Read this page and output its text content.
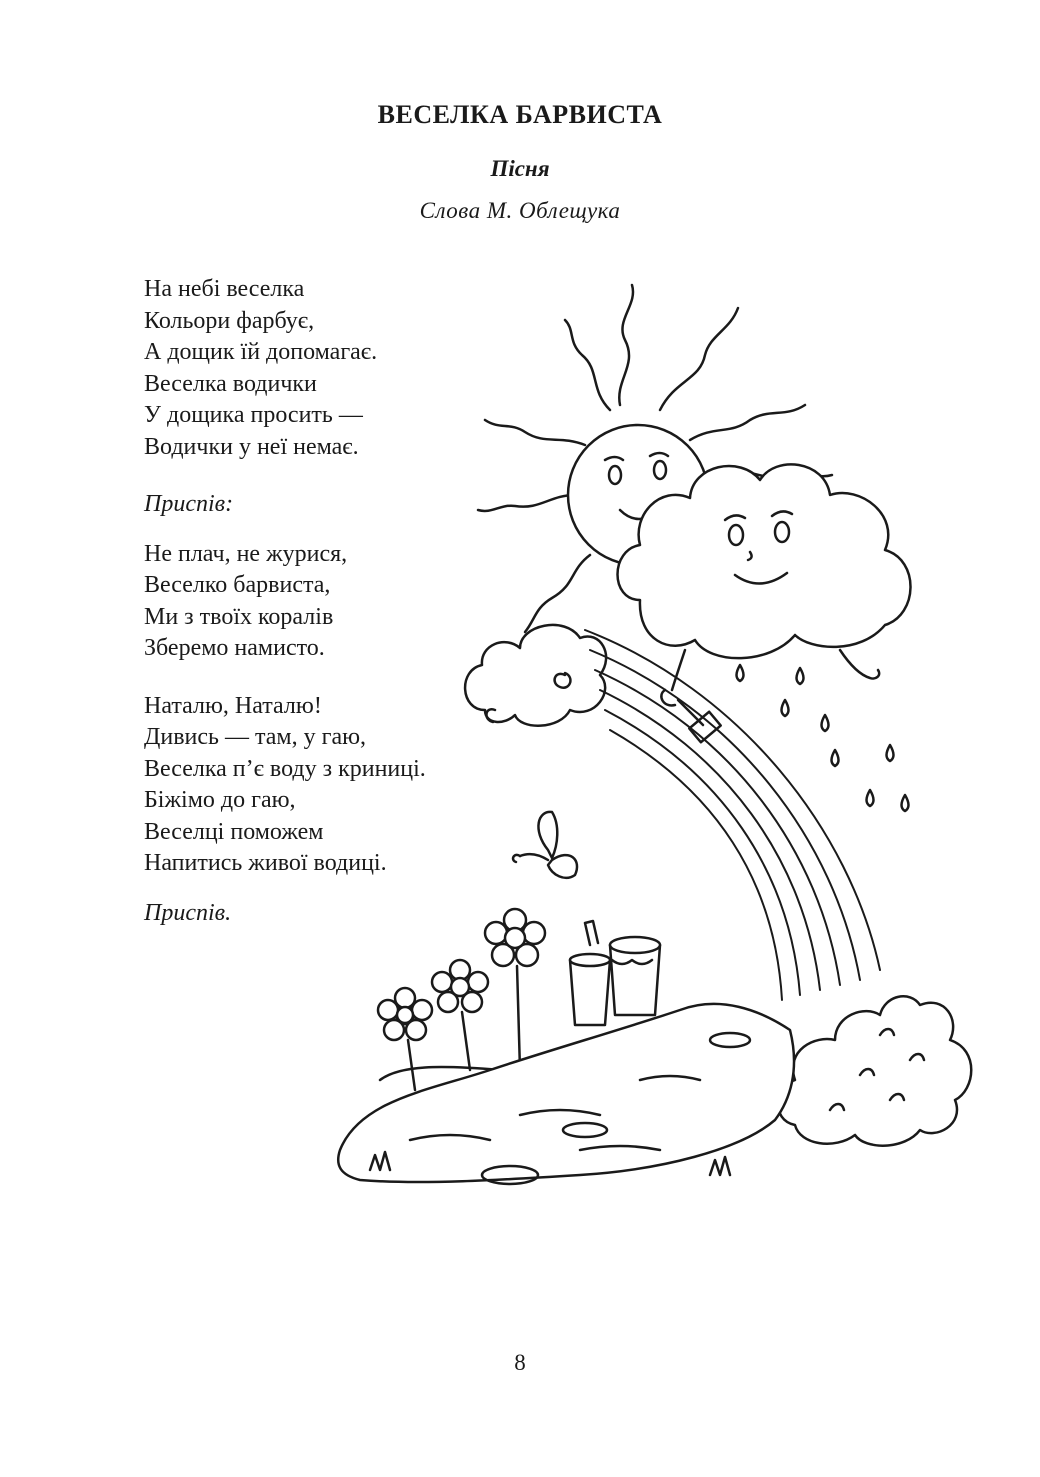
ВЕСЕЛКА БАРВИСТА
Пісня
Слова М. Облещука
На небі веселка
Кольори фарбує,
А дощик їй допомагає.
Веселка водички
У дощика просить —
Водички у неї немає.
Приспів:
Не плач, не журися,
Веселко барвиста,
Ми з твоїх коралів
Зберемо намисто.
Наталю, Наталю!
Дивись — там, у гаю,
Веселка п’є воду з криниці.
Біжімо до гаю,
Веселці поможем
Напитись живої водиці.
Приспів.
8
